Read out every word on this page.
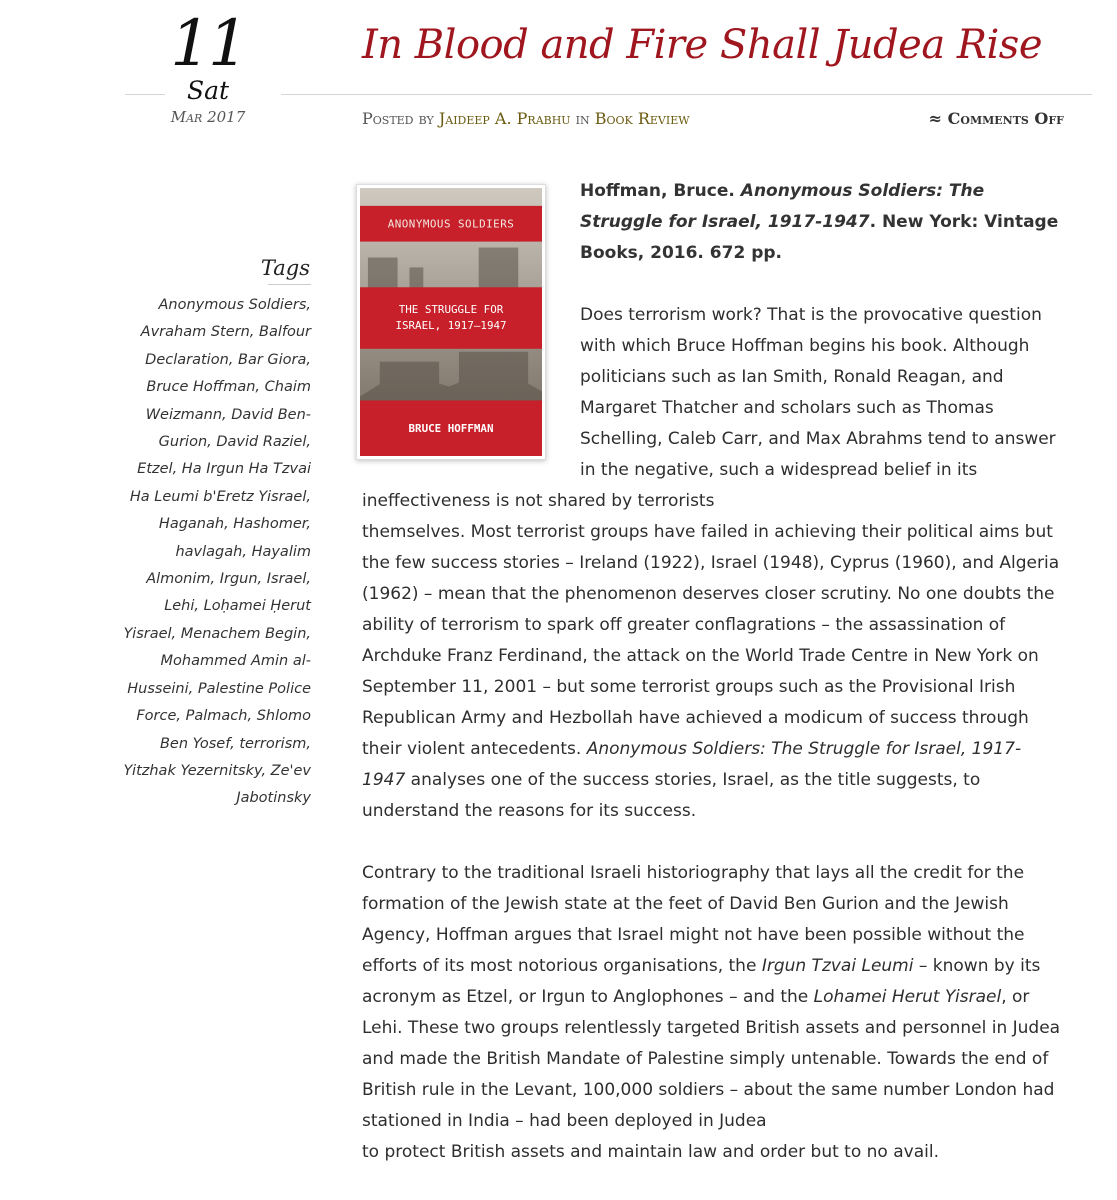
11
Sat
Mar 2017
In Blood and Fire Shall Judea Rise
Posted by Jaideep A. Prabhu in Book Review	≈ Comments Off
Tags
Anonymous Soldiers, Avraham Stern, Balfour Declaration, Bar Giora, Bruce Hoffman, Chaim Weizmann, David Ben-Gurion, David Raziel, Etzel, Ha Irgun Ha Tzvai Ha Leumi b'Eretz Yisrael, Haganah, Hashomer, havlagah, Hayalim Almonim, Irgun, Israel, Lehi, Loḥamei Ḥerut Yisrael, Menachem Begin, Mohammed Amin al-Husseini, Palestine Police Force, Palmach, Shlomo Ben Yosef, terrorism, Yitzhak Yezernitsky, Ze'ev Jabotinsky
ANONYMOUS SOLDIERS
THE STRUGGLE FOR
ISRAEL, 1917–1947
BRUCE HOFFMAN

Hoffman, Bruce. Anonymous Soldiers: The Struggle for Israel, 1917-1947. New York: Vintage Books, 2016. 672 pp.

Does terrorism work? That is the provocative question with which Bruce Hoffman begins his book. Although politicians such as Ian Smith, Ronald Reagan, and Margaret Thatcher and scholars such as Thomas Schelling, Caleb Carr, and Max Abrahms tend to answer in the negative, such a widespread belief in its ineffectiveness is not shared by terrorists

themselves. Most terrorist groups have failed in achieving their political aims but the few success stories – Ireland (1922), Israel (1948), Cyprus (1960), and Algeria (1962) – mean that the phenomenon deserves closer scrutiny. No one doubts the ability of terrorism to spark off greater conflagrations – the assassination of Archduke Franz Ferdinand, the attack on the World Trade Centre in New York on September 11, 2001 – but some terrorist groups such as the Provisional Irish Republican Army and Hezbollah have achieved a modicum of success through their violent antecedents. Anonymous Soldiers: The Struggle for Israel, 1917-1947 analyses one of the success stories, Israel, as the title suggests, to understand the reasons for its success.

Contrary to the traditional Israeli historiography that lays all the credit for the formation of the Jewish state at the feet of David Ben Gurion and the Jewish Agency, Hoffman argues that Israel might not have been possible without the efforts of its most notorious organisations, the Irgun Tzvai Leumi – known by its acronym as Etzel, or Irgun to Anglophones – and the Lohamei Herut Yisrael, or Lehi. These two groups relentlessly targeted British assets and personnel in Judea and made the British Mandate of Palestine simply untenable. Towards the end of British rule in the Levant, 100,000 soldiers – about the same number London had stationed in India – had been deployed in Judea
to protect British assets and maintain law and order but to no avail.
